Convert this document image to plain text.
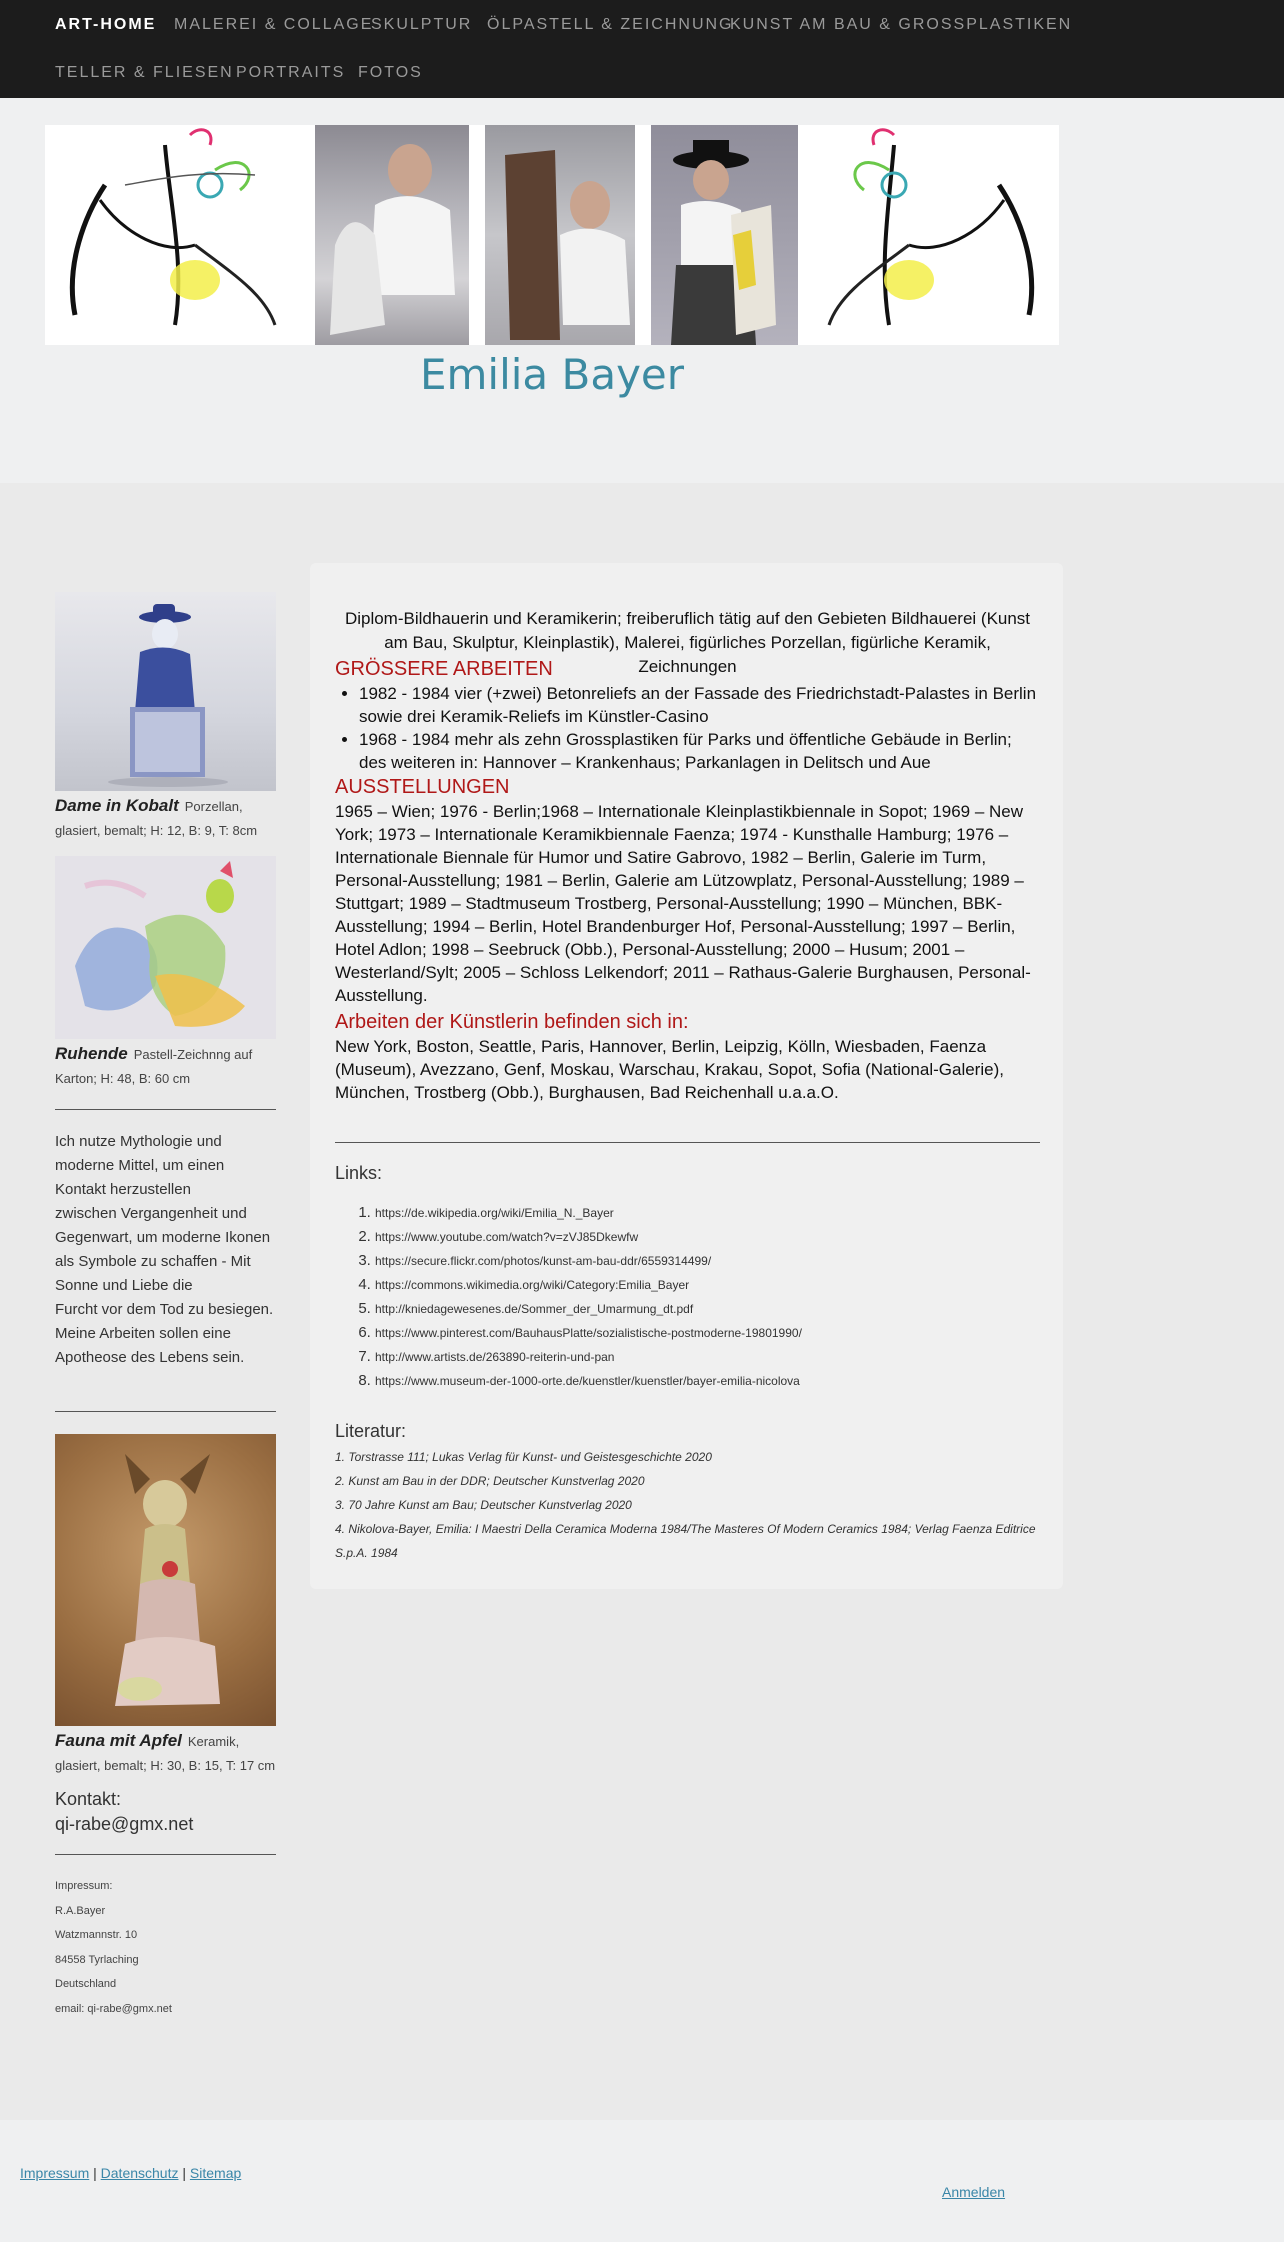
ART-HOME MALEREI & COLLAGE
SKULPTUR ÖLPASTELL & ZEICHNUNG
KUNST AM BAU & GROSSPLASTIKEN
TELLER & FLIESEN PORTRAITS FOTOS
Emilia Bayer
Dame in Kobalt Porzellan, glasiert, bemalt; H: 12, B: 9, T: 8cm
Ruhende Pastell-Zeichnng auf Karton; H: 48, B: 60 cm
Ich nutze Mythologie und moderne Mittel, um einen Kontakt herzustellen
zwischen Vergangenheit und Gegenwart, um moderne Ikonen als Symbole zu schaffen - Mit Sonne und Liebe die
Furcht vor dem Tod zu besiegen.
Meine Arbeiten sollen eine Apotheose des Lebens sein.
Fauna mit Apfel Keramik, glasiert, bemalt; H: 30, B: 15, T: 17 cm
Kontakt:
qi-rabe@gmx.net
Impressum:
R.A.Bayer
Watzmannstr. 10
84558 Tyrlaching
Deutschland
email: qi-rabe@gmx.net
Diplom-Bildhauerin und Keramikerin; freiberuflich tätig auf den Gebieten Bildhauerei (Kunst am Bau, Skulptur, Kleinplastik), Malerei, figürliches Porzellan, figürliche Keramik, Zeichnungen
GRÖSSERE ARBEITEN
• 1982 - 1984 vier (+zwei) Betonreliefs an der Fassade des Friedrichstadt-Palastes in Berlin sowie drei Keramik-Reliefs im Künstler-Casino
• 1968 - 1984 mehr als zehn Grossplastiken für Parks und öffentliche Gebäude in Berlin; des weiteren in: Hannover – Krankenhaus; Parkanlagen in Delitsch und Aue
AUSSTELLUNGEN
1965 – Wien; 1976 - Berlin;1968 – Internationale Kleinplastikbiennale in Sopot; 1969 – New York; 1973 – Internationale Keramikbiennale Faenza; 1974 - Kunsthalle Hamburg; 1976 – Internationale Biennale für Humor und Satire Gabrovo, 1982 – Berlin, Galerie im Turm, Personal-Ausstellung; 1981 – Berlin, Galerie am Lützowplatz, Personal-Ausstellung; 1989 – Stuttgart; 1989 – Stadtmuseum Trostberg, Personal-Ausstellung; 1990 – München, BBK-Ausstellung; 1994 – Berlin, Hotel Brandenburger Hof, Personal-Ausstellung; 1997 – Berlin, Hotel Adlon; 1998 – Seebruck (Obb.), Personal-Ausstellung; 2000 – Husum; 2001 – Westerland/Sylt; 2005 – Schloss Lelkendorf; 2011 – Rathaus-Galerie Burghausen, Personal-Ausstellung.
Arbeiten der Künstlerin befinden sich in:
New York, Boston, Seattle, Paris, Hannover, Berlin, Leipzig, Kölln, Wiesbaden, Faenza (Museum), Avezzano, Genf, Moskau, Warschau, Krakau, Sopot, Sofia (National-Galerie), München, Trostberg (Obb.), Burghausen, Bad Reichenhall u.a.a.O.
Links:
1. https://de.wikipedia.org/wiki/Emilia_N._Bayer
2. https://www.youtube.com/watch?v=zVJ85Dkewfw
3. https://secure.flickr.com/photos/kunst-am-bau-ddr/6559314499/
4. https://commons.wikimedia.org/wiki/Category:Emilia_Bayer
5. http://kniedagewesenes.de/Sommer_der_Umarmung_dt.pdf
6. https://www.pinterest.com/BauhausPlatte/sozialistische-postmoderne-19801990/
7. http://www.artists.de/263890-reiterin-und-pan
8. https://www.museum-der-1000-orte.de/kuenstler/kuenstler/bayer-emilia-nicolova
Literatur:
1. Torstrasse 111; Lukas Verlag für Kunst- und Geistesgeschichte 2020
2. Kunst am Bau in der DDR; Deutscher Kunstverlag 2020
3. 70 Jahre Kunst am Bau; Deutscher Kunstverlag 2020
4. Nikolova-Bayer, Emilia: I Maestri Della Ceramica Moderna 1984/The Masteres Of Modern Ceramics 1984; Verlag Faenza Editrice S.p.A. 1984
Impressum | Datenschutz | Sitemap
Anmelden
